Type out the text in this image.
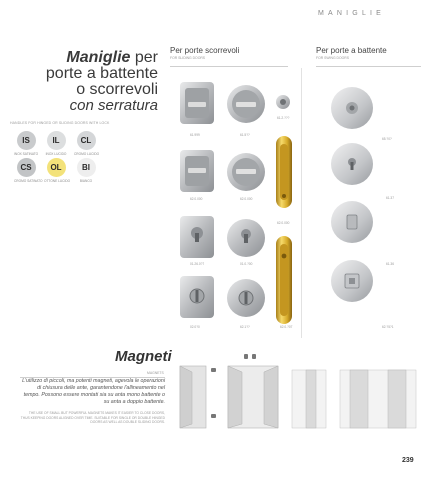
MANIGLIE
Maniglie per
porte a battente
o scorrevoli
con serratura
HANDLES FOR HINGED OR SLIDING DOORS WITH LOCK
IS
INOX SATINATO
IL
INOX LUCIDO
CL
CROMO LUCIDO
CS
CROMO SATINATO
OL
OTTONE LUCIDO
BI
BIANCO
Per porte scorrevoli
FOR SLIDING DOORS
Per porte a battente
FOR SWING DOORS
61.999	61.5??
61.2.???
62.0.000	62.0.000
62.0.000
01.26.0?7	01.0.?00
02.0?0	62.1??	62.0.?07
65.?0?
61.37
61.36
62.?5?1
Magneti
MAGNETS
L'utilizzo di piccoli, ma potenti magneti, agevola le operazioni di chiusura delle ante, garantendone l'allineamento nel tempo. Possono essere montati sia su anta mono battente o su anta a doppio battente.
THE USE OF SMALL BUT POWERFUL MAGNETS MAKES IT EASIER TO CLOSE DOORS, THUS KEEPING DOORS ALIGNED OVER TIME. SUITABLE FOR SINGLE OR DOUBLE HINGED DOORS AS WELL AS DOUBLE SLIDING DOORS.
239
